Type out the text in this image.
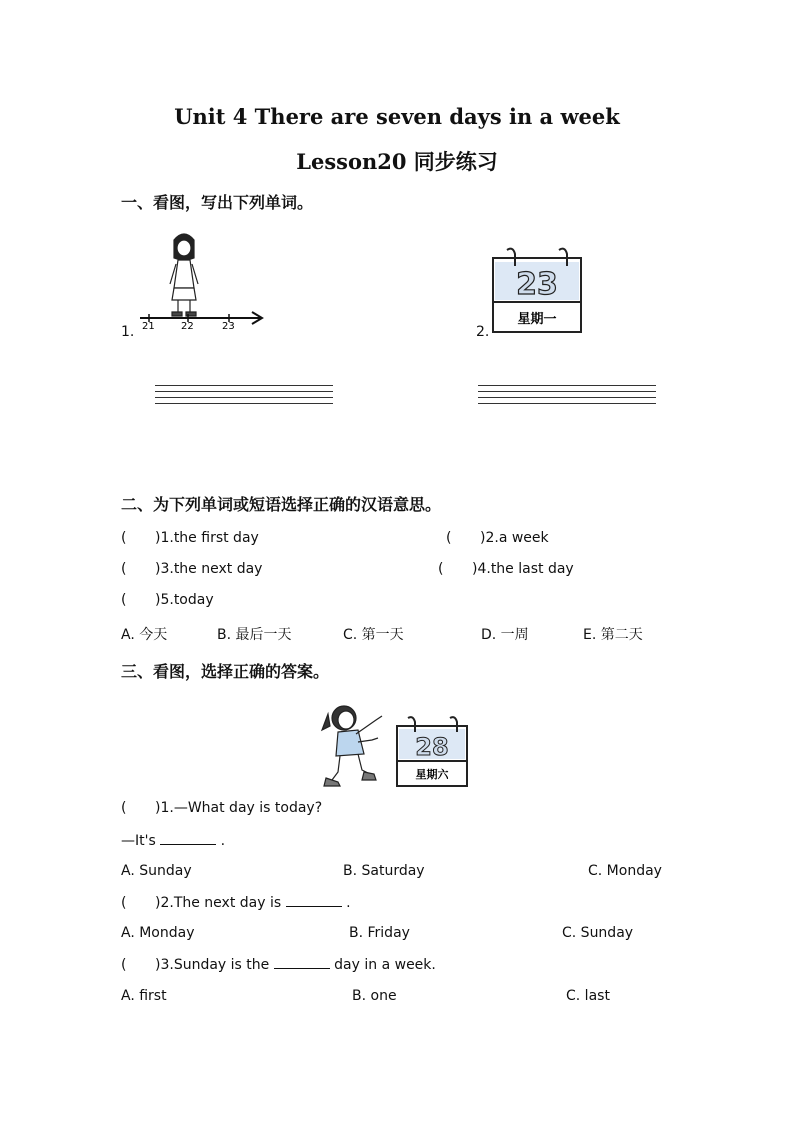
Unit 4 There are seven days in a week
Lesson20 同步练习
一、看图，写出下列单词。
1. 21	22	23	2.
23
星期一
二、为下列单词或短语选择正确的汉语意思。
( )1.the first day	( )2.a week
( )3.the next day	( )4.the last day
( )5.today
A. 今天	B. 最后一天	C. 第一天	D. 一周	E. 第二天
三、看图，选择正确的答案。
28
星期六
( )1.—What day is today?
—It's	.
A. Sunday	B. Saturday	C. Monday
( )2.The next day is	.
A. Monday	B. Friday	C. Sunday
( )3.Sunday is the	day in a week.
A. first	B. one	C. last
